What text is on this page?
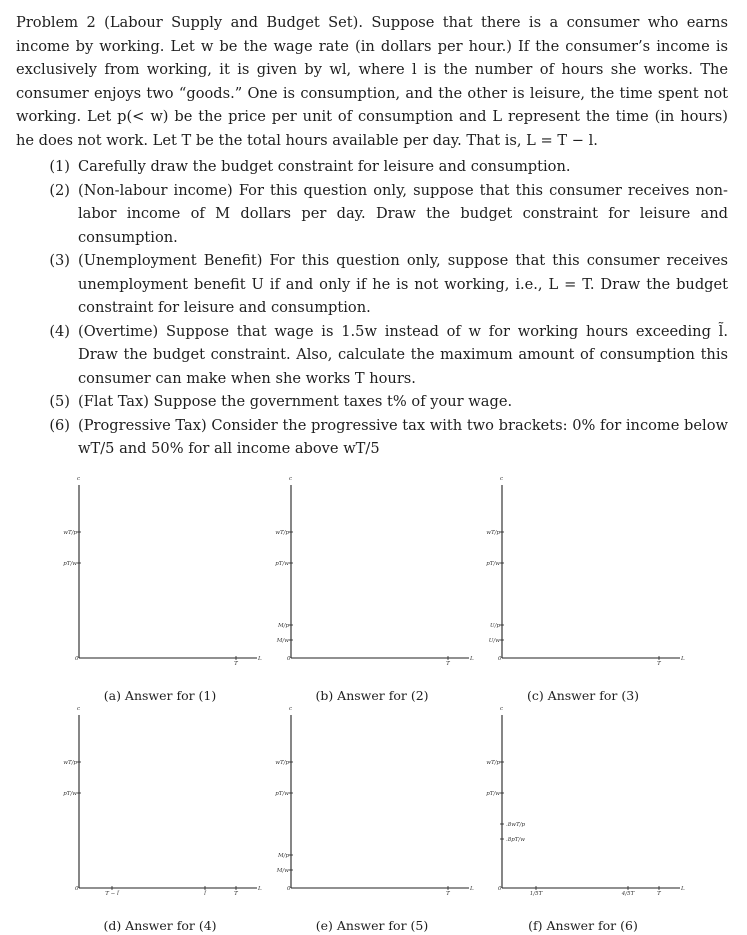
Problem 2 (Labour Supply and Budget Set). Suppose that there is a consumer who earns income by working. Let w be the wage rate (in dollars per hour.) If the consumer’s income is exclusively from working, it is given by wl, where l is the number of hours she works. The consumer enjoys two “goods.” One is consumption, and the other is leisure, the time spent not working. Let p(< w) be the price per unit of consumption and L represent the time (in hours) he does not work. Let T be the total hours available per day. That is, L = T − l.

(1) Carefully draw the budget constraint for leisure and consumption.
(2) (Non-labour income) For this question only, suppose that this consumer receives non-labor income of M dollars per day. Draw the budget constraint for leisure and consumption.
(3) (Unemployment Benefit) For this question only, suppose that this consumer receives unemployment benefit U if and only if he is not working, i.e., L = T. Draw the budget constraint for leisure and consumption.
(4) (Overtime) Suppose that wage is 1.5w instead of w for working hours exceeding l̃. Draw the budget constraint. Also, calculate the maximum amount of consumption this consumer can make when she works T hours.
(5) (Flat Tax) Suppose the government taxes t% of your wage.
(6) (Progressive Tax) Consider the progressive tax with two brackets: 0% for income below wT/5 and 50% for all income above wT/5
c
L
0
wT/p
pT/w
T
(a) Answer for (1)
c
L
0
wT/p
pT/w
M/p
M/w
T
(b) Answer for (2)
c
L
0
wT/p
pT/w
U/p
U/w
T
(c) Answer for (3)
c
L
0
wT/p
pT/w
T − l̃	l̃	T
(d) Answer for (4)
c
L
0
wT/p
pT/w
M/p
M/w
T
(e) Answer for (5)
c
L
0
wT/p
pT/w
.8wT/p
.8pT/w
1/5T	4/5T	T
(f) Answer for (6)
